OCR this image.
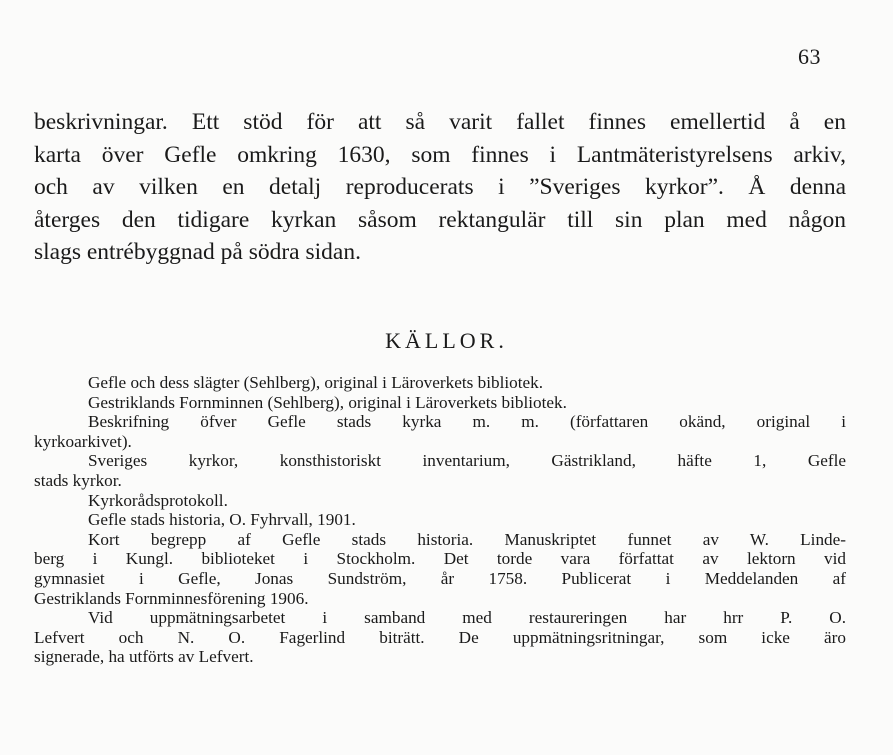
63
beskrivningar. Ett stöd för att så varit fallet finnes emellertid å en
karta över Gefle omkring 1630, som finnes i Lantmäteristyrelsens arkiv,
och av vilken en detalj reproducerats i ”Sveriges kyrkor”. Å denna
återges den tidigare kyrkan såsom rektangulär till sin plan med någon
slags entrébyggnad på södra sidan.
KÄLLOR.
Gefle och dess slägter (Sehlberg), original i Läroverkets bibliotek.
Gestriklands Fornminnen (Sehlberg), original i Läroverkets bibliotek.
Beskrifning öfver Gefle stads kyrka m. m. (författaren okänd, original i
kyrkoarkivet).
Sveriges kyrkor, konsthistoriskt inventarium, Gästrikland, häfte 1, Gefle
stads kyrkor.
Kyrkorådsprotokoll.
Gefle stads historia, O. Fyhrvall, 1901.
Kort begrepp af Gefle stads historia. Manuskriptet funnet av W. Linde-
berg i Kungl. biblioteket i Stockholm. Det torde vara författat av lektorn vid
gymnasiet i Gefle, Jonas Sundström, år 1758. Publicerat i Meddelanden af
Gestriklands Fornminnesförening 1906.
Vid uppmätningsarbetet i samband med restaureringen har hrr P. O.
Lefvert och N. O. Fagerlind biträtt. De uppmätningsritningar, som icke äro
signerade, ha utförts av Lefvert.
